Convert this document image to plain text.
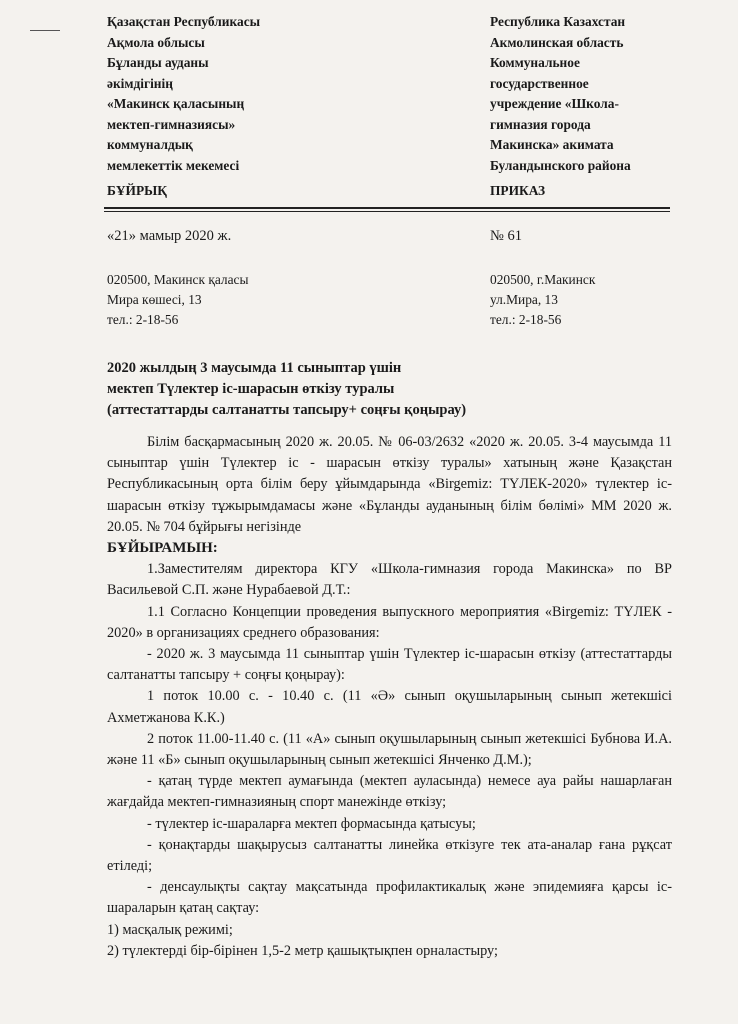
Қазақстан Республикасы
Ақмола облысы
Бұланды ауданы
әкімдігінің
«Макинск қаласының
мектеп-гимназиясы»
коммуналдық
мемлекеттік мекемесі
Республика Казахстан
Акмолинская область
Коммунальное
государственное
учреждение «Школа-
гимназия города
Макинска» акимата
Буландынского района
БҰЙРЫҚ	ПРИКАЗ
«21» мамыр 2020 ж.	№ 61
020500, Макинск қаласы
Мира көшесі, 13
тел.: 2-18-56
020500, г.Макинск
ул.Мира, 13
тел.: 2-18-56
2020 жылдың 3 маусымда 11 сыныптар үшін
мектеп Түлектер іс-шарасын өткізу туралы
(аттестаттарды салтанатты тапсыру+ соңғы қоңырау)

Білім басқармасының 2020 ж. 20.05. № 06-03/2632 «2020 ж. 20.05. 3-4 маусымда 11 сыныптар үшін Түлектер іс - шарасын өткізу туралы» хатының және Қазақстан Республикасының орта білім беру ұйымдарында «Birgemiz: ТҮЛЕК-2020» түлектер іс-шарасын өткізу тұжырымдамасы және «Бұланды ауданының білім бөлімі» ММ 2020 ж. 20.05. № 704 бұйрығы негізінде

БҰЙЫРАМЫН:

1.Заместителям директора КГУ «Школа-гимназия города Макинска» по ВР Васильевой С.П. және Нурабаевой Д.Т.:

1.1 Согласно Концепции проведения выпускного мероприятия «Birgemiz: ТҮЛЕК - 2020» в организациях среднего образования:

- 2020 ж. 3 маусымда 11 сыныптар үшін Түлектер іс-шарасын өткізу (аттестаттарды салтанатты тапсыру + соңғы қоңырау):

1 поток 10.00 с. - 10.40 с. (11 «Ә» сынып оқушыларының сынып жетекшісі Ахметжанова К.К.)

2 поток 11.00-11.40 с. (11 «А» сынып оқушыларының сынып жетекшісі Бубнова И.А. және 11 «Б» сынып оқушыларының сынып жетекшісі Янченко Д.М.);

- қатаң түрде мектеп аумағында (мектеп ауласында) немесе ауа райы нашарлаған жағдайда мектеп-гимназияның спорт манежінде өткізу;

- түлектер іс-шараларға мектеп формасында қатысуы;

- қонақтарды шақырусыз салтанатты линейка өткізуге тек ата-аналар ғана рұқсат етіледі;

- денсаулықты сақтау мақсатында профилактикалық және эпидемияға қарсы іс-шараларын қатаң сақтау:

1) масқалық режимі;

2) түлектерді бір-бірінен 1,5-2 метр қашықтықпен орналастыру;
